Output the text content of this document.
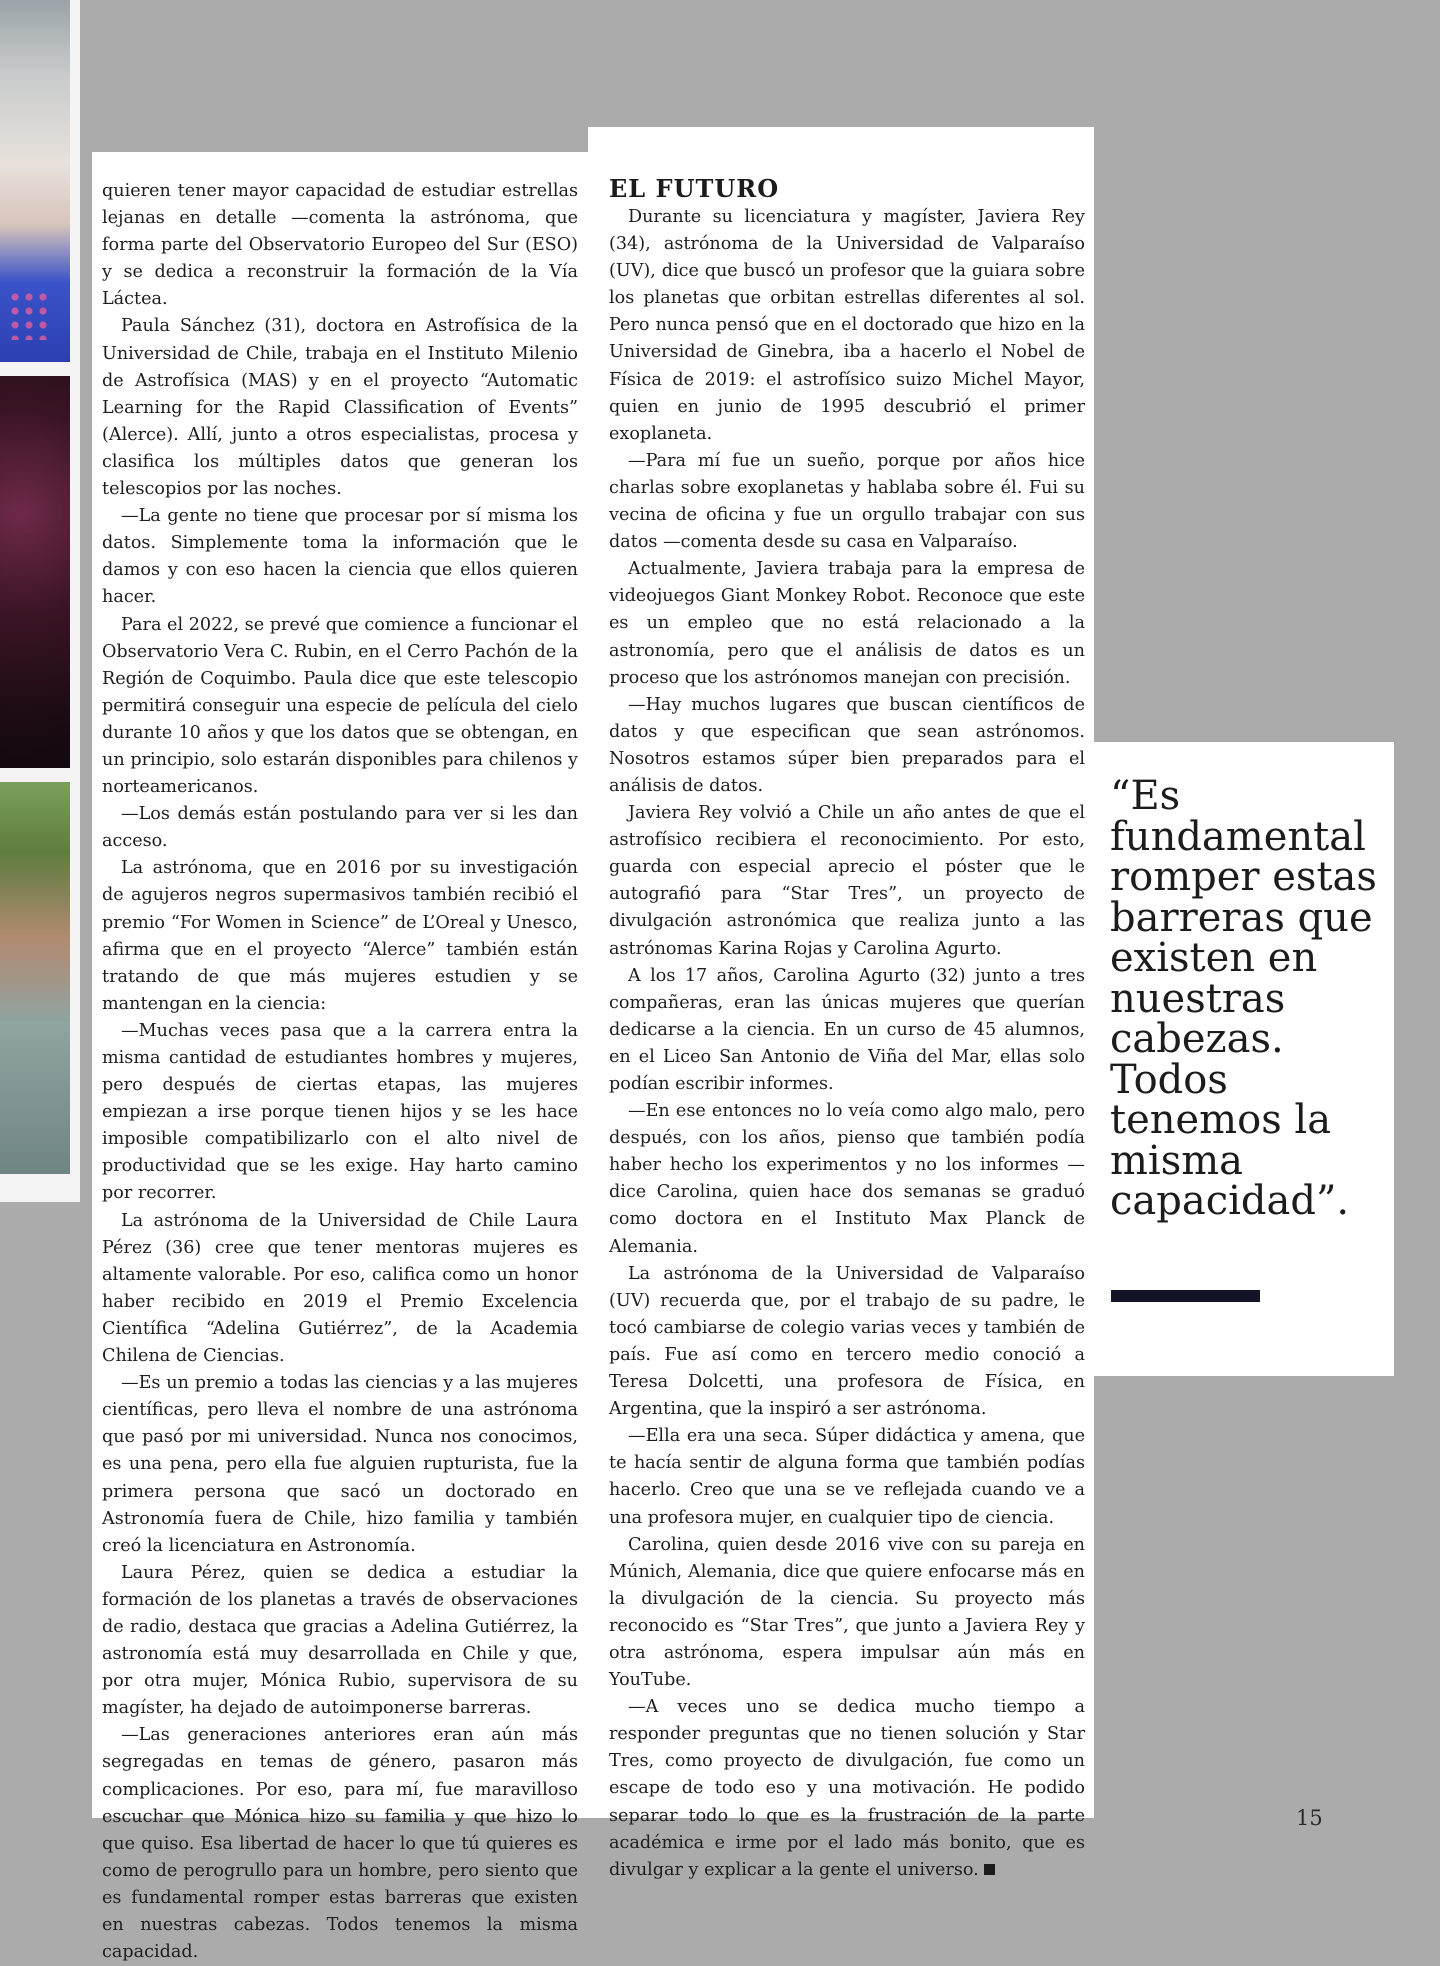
quieren tener mayor capacidad de estudiar estrellas lejanas en detalle —comenta la astrónoma, que forma parte del Observatorio Europeo del Sur (ESO) y se dedica a reconstruir la formación de la Vía Láctea.

Paula Sánchez (31), doctora en Astrofísica de la Universidad de Chile, trabaja en el Instituto Milenio de Astrofísica (MAS) y en el proyecto “Automatic Learning for the Rapid Classification of Events” (Alerce). Allí, junto a otros especialistas, procesa y clasifica los múltiples datos que generan los telescopios por las noches.

—La gente no tiene que procesar por sí misma los datos. Simplemente toma la información que le damos y con eso hacen la ciencia que ellos quieren hacer.

Para el 2022, se prevé que comience a funcionar el Observatorio Vera C. Rubin, en el Cerro Pachón de la Región de Coquimbo. Paula dice que este telescopio permitirá conseguir una especie de película del cielo durante 10 años y que los datos que se obtengan, en un principio, solo estarán disponibles para chilenos y norteamericanos.

—Los demás están postulando para ver si les dan acceso.

La astrónoma, que en 2016 por su investigación de agujeros negros supermasivos también recibió el premio “For Women in Science” de L’Oreal y Unesco, afirma que en el proyecto “Alerce” también están tratando de que más mujeres estudien y se mantengan en la ciencia:

—Muchas veces pasa que a la carrera entra la misma cantidad de estudiantes hombres y mujeres, pero después de ciertas etapas, las mujeres empiezan a irse porque tienen hijos y se les hace imposible compatibilizarlo con el alto nivel de productividad que se les exige. Hay harto camino por recorrer.

La astrónoma de la Universidad de Chile Laura Pérez (36) cree que tener mentoras mujeres es altamente valorable. Por eso, califica como un honor haber recibido en 2019 el Premio Excelencia Científica “Adelina Gutiérrez”, de la Academia Chilena de Ciencias.

—Es un premio a todas las ciencias y a las mujeres científicas, pero lleva el nombre de una astrónoma que pasó por mi universidad. Nunca nos conocimos, es una pena, pero ella fue alguien rupturista, fue la primera persona que sacó un doctorado en Astronomía fuera de Chile, hizo familia y también creó la licenciatura en Astronomía.

Laura Pérez, quien se dedica a estudiar la formación de los planetas a través de observaciones de radio, destaca que gracias a Adelina Gutiérrez, la astronomía está muy desarrollada en Chile y que, por otra mujer, Mónica Rubio, supervisora de su magíster, ha dejado de autoimponerse barreras.

—Las generaciones anteriores eran aún más segregadas en temas de género, pasaron más complicaciones. Por eso, para mí, fue maravilloso escuchar que Mónica hizo su familia y que hizo lo que quiso. Esa libertad de hacer lo que tú quieres es como de perogrullo para un hombre, pero siento que es fundamental romper estas barreras que existen en nuestras cabezas. Todos tenemos la misma capacidad.

EL FUTURO

Durante su licenciatura y magíster, Javiera Rey (34), astrónoma de la Universidad de Valparaíso (UV), dice que buscó un profesor que la guiara sobre los planetas que orbitan estrellas diferentes al sol. Pero nunca pensó que en el doctorado que hizo en la Universidad de Ginebra, iba a hacerlo el Nobel de Física de 2019: el astrofísico suizo Michel Mayor, quien en junio de 1995 descubrió el primer exoplaneta.

—Para mí fue un sueño, porque por años hice charlas sobre exoplanetas y hablaba sobre él. Fui su vecina de oficina y fue un orgullo trabajar con sus datos —comenta desde su casa en Valparaíso.

Actualmente, Javiera trabaja para la empresa de videojuegos Giant Monkey Robot. Reconoce que este es un empleo que no está relacionado a la astronomía, pero que el análisis de datos es un proceso que los astrónomos manejan con precisión.

—Hay muchos lugares que buscan científicos de datos y que especifican que sean astrónomos. Nosotros estamos súper bien preparados para el análisis de datos.

Javiera Rey volvió a Chile un año antes de que el astrofísico recibiera el reconocimiento. Por esto, guarda con especial aprecio el póster que le autografió para “Star Tres”, un proyecto de divulgación astronómica que realiza junto a las astrónomas Karina Rojas y Carolina Agurto.

A los 17 años, Carolina Agurto (32) junto a tres compañeras, eran las únicas mujeres que querían dedicarse a la ciencia. En un curso de 45 alumnos, en el Liceo San Antonio de Viña del Mar, ellas solo podían escribir informes.

—En ese entonces no lo veía como algo malo, pero después, con los años, pienso que también podía haber hecho los experimentos y no los informes —dice Carolina, quien hace dos semanas se graduó como doctora en el Instituto Max Planck de Alemania.

La astrónoma de la Universidad de Valparaíso (UV) recuerda que, por el trabajo de su padre, le tocó cambiarse de colegio varias veces y también de país. Fue así como en tercero medio conoció a Teresa Dolcetti, una profesora de Física, en Argentina, que la inspiró a ser astrónoma.

—Ella era una seca. Súper didáctica y amena, que te hacía sentir de alguna forma que también podías hacerlo. Creo que una se ve reflejada cuando ve a una profesora mujer, en cualquier tipo de ciencia.

Carolina, quien desde 2016 vive con su pareja en Múnich, Alemania, dice que quiere enfocarse más en la divulgación de la ciencia. Su proyecto más reconocido es “Star Tres”, que junto a Javiera Rey y otra astrónoma, espera impulsar aún más en YouTube.

—A veces uno se dedica mucho tiempo a responder preguntas que no tienen solución y Star Tres, como proyecto de divulgación, fue como un escape de todo eso y una motivación. He podido separar todo lo que es la frustración de la parte académica e irme por el lado más bonito, que es divulgar y explicar a la gente el universo.

“Es fundamental romper estas barreras que existen en nuestras cabezas. Todos tenemos la misma capacidad”.

15
